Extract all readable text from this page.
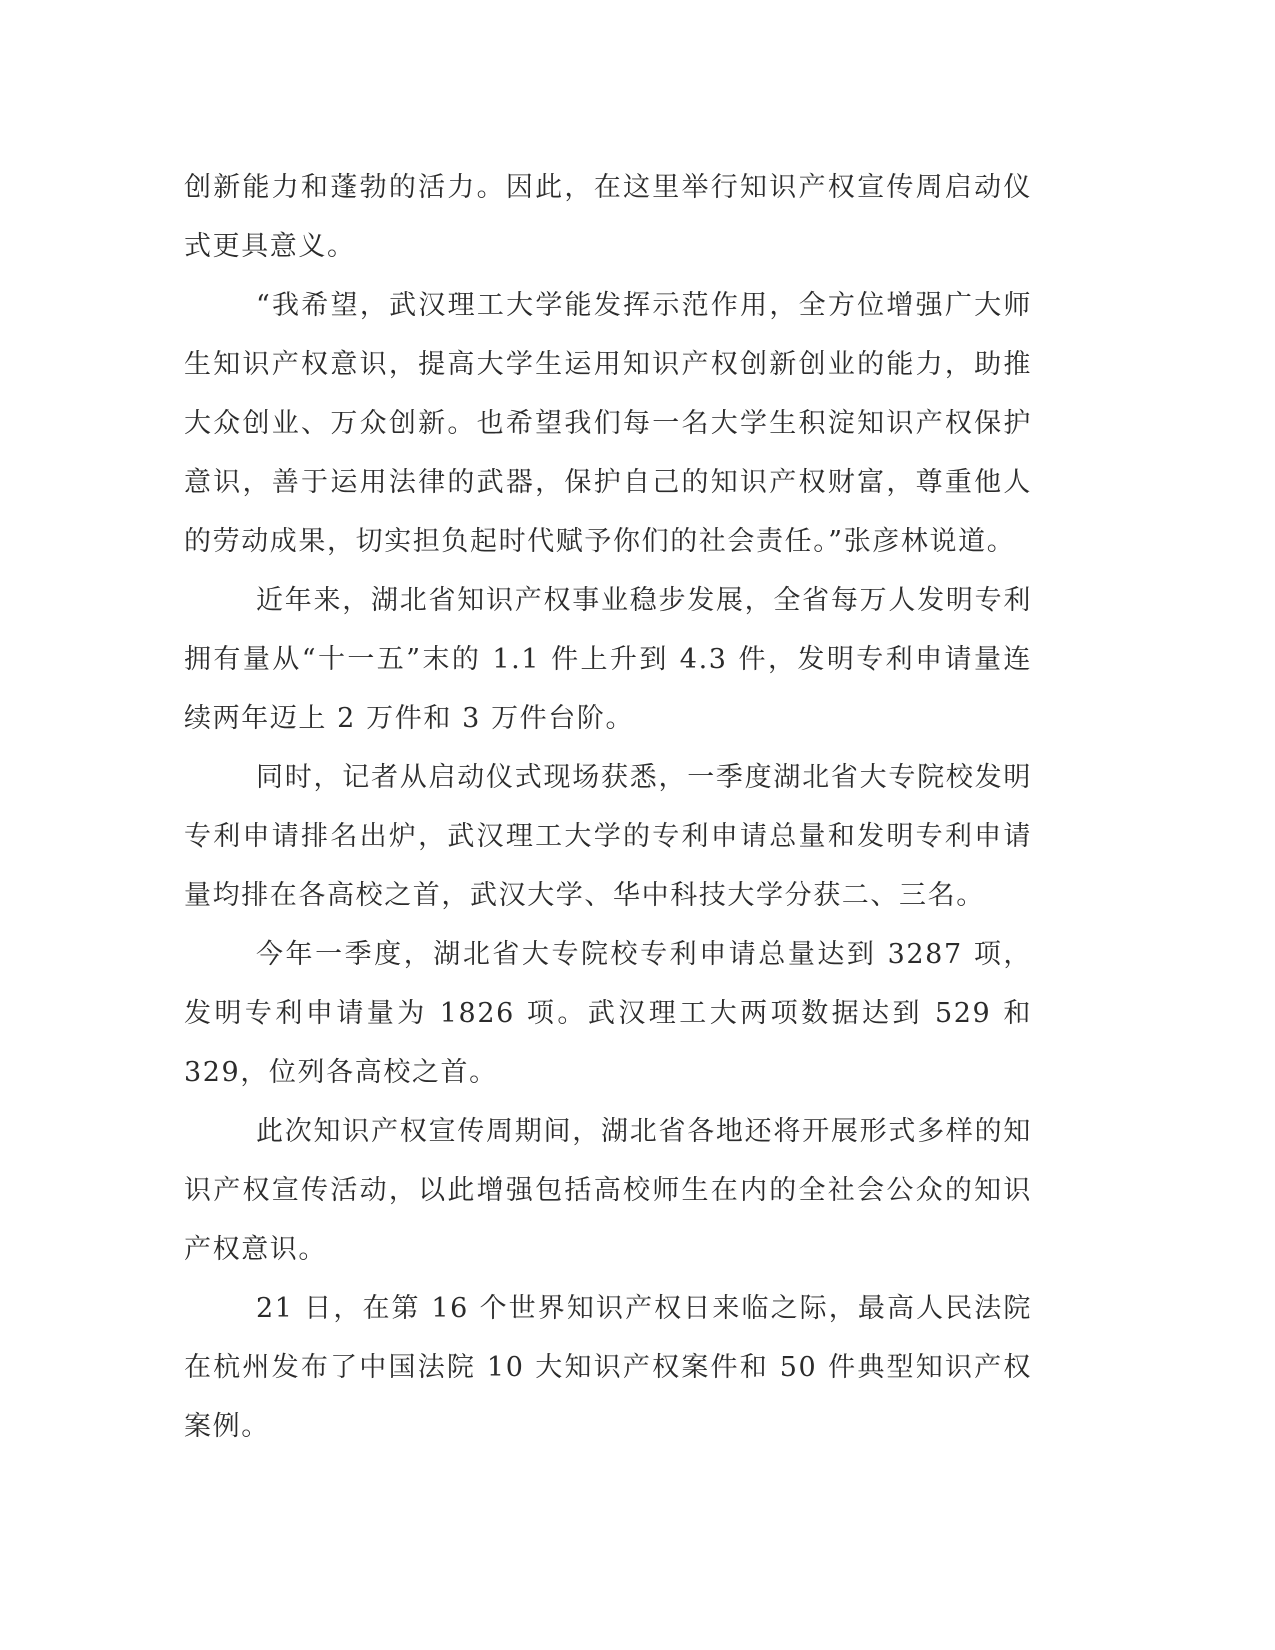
创新能力和蓬勃的活力。因此，在这里举行知识产权宣传周启动仪式更具意义。

“我希望，武汉理工大学能发挥示范作用，全方位增强广大师生知识产权意识，提高大学生运用知识产权创新创业的能力，助推大众创业、万众创新。也希望我们每一名大学生积淀知识产权保护意识，善于运用法律的武器，保护自己的知识产权财富，尊重他人的劳动成果，切实担负起时代赋予你们的社会责任。”张彦林说道。

近年来，湖北省知识产权事业稳步发展，全省每万人发明专利拥有量从“十一五”末的 1.1 件上升到 4.3 件，发明专利申请量连续两年迈上 2 万件和 3 万件台阶。

同时，记者从启动仪式现场获悉，一季度湖北省大专院校发明专利申请排名出炉，武汉理工大学的专利申请总量和发明专利申请量均排在各高校之首，武汉大学、华中科技大学分获二、三名。

今年一季度，湖北省大专院校专利申请总量达到 3287 项，发明专利申请量为 1826 项。武汉理工大两项数据达到 529 和 329，位列各高校之首。

此次知识产权宣传周期间，湖北省各地还将开展形式多样的知识产权宣传活动，以此增强包括高校师生在内的全社会公众的知识产权意识。

21 日，在第 16 个世界知识产权日来临之际，最高人民法院在杭州发布了中国法院 10 大知识产权案件和 50 件典型知识产权案例。
